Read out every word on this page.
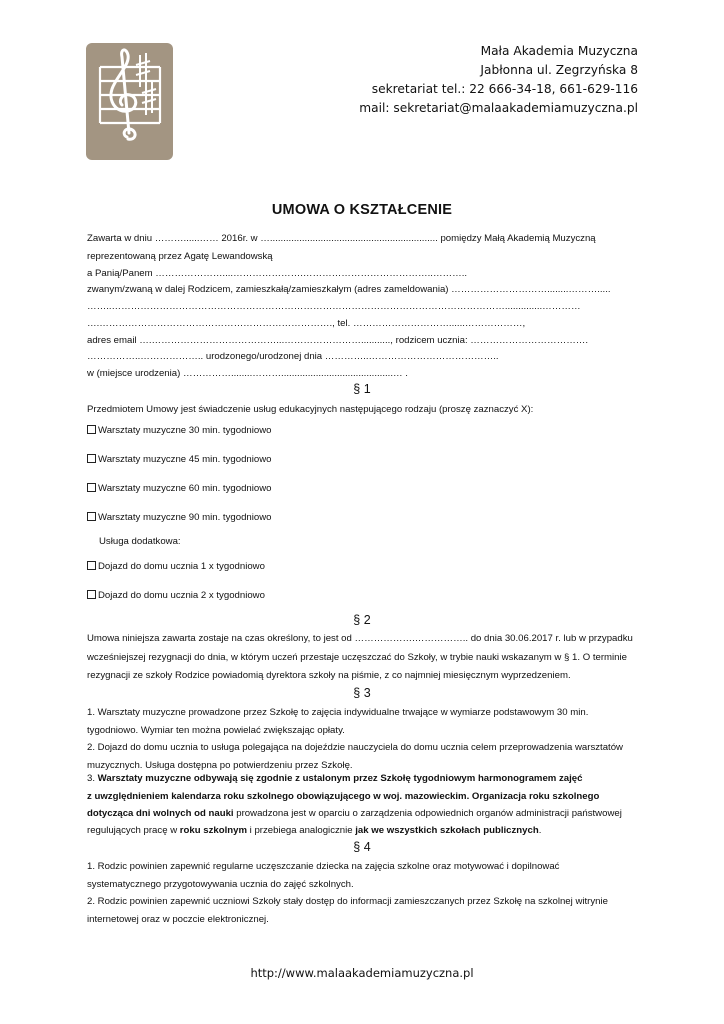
Mała Akademia Muzyczna
Jabłonna ul. Zegrzyńska 8
sekretariat tel.: 22 666-34-18, 661-629-116
mail: sekretariat@malaakademiamuzyczna.pl
UMOWA O KSZTAŁCENIE
Zawarta w dniu ………......…… 2016r. w …............................................................... pomiędzy Małą Akademią Muzyczną
reprezentowaną przez Agatę Lewandowską
a Panią/Panem …………………....………………….…………………………………..………..
zwanym/zwaną w dalej Rodzicem, zamieszkałą/zamieszkałym (adres zameldowania) …………………………........……….....
……..……………………………………………………………………………………………………………..............…………
….………………………………………………………………., tel. …………………………......………………,
adres email ….…………………………………...……………………..........., rodzicem ucznia: ……………………………….
……………..……………….. urodzonego/urodzonej dnia …………..…………………………………..
w (miejsce urodzenia) ……………........………..........................................… .
§ 1
Przedmiotem Umowy jest świadczenie usług edukacyjnych następującego rodzaju (proszę zaznaczyć X):
Warsztaty muzyczne 30 min. tygodniowo
Warsztaty muzyczne 45 min. tygodniowo
Warsztaty muzyczne 60 min. tygodniowo
Warsztaty muzyczne 90 min. tygodniowo
Usługa dodatkowa:
Dojazd do domu ucznia 1 x tygodniowo
Dojazd do domu ucznia 2 x tygodniowo
§ 2
Umowa niniejsza zawarta zostaje na czas określony, to jest od ……………….…………….. do dnia 30.06.2017 r. lub w przypadku
wcześniejszej rezygnacji do dnia, w którym uczeń przestaje uczęszczać do Szkoły, w trybie nauki wskazanym w § 1. O terminie
rezygnacji ze szkoły Rodzice powiadomią dyrektora szkoły na piśmie, z co najmniej miesięcznym wyprzedzeniem.
§ 3
1. Warsztaty muzyczne prowadzone przez Szkołę to zajęcia indywidualne trwające w wymiarze podstawowym 30 min.
tygodniowo. Wymiar ten można powielać zwiększając opłaty.
2. Dojazd do domu ucznia to usługa polegająca na dojeździe nauczyciela do domu ucznia celem przeprowadzenia warsztatów
muzycznych. Usługa dostępna po potwierdzeniu przez Szkołę.
3. Warsztaty muzyczne odbywają się zgodnie z ustalonym przez Szkołę tygodniowym harmonogramem zajęć
z uwzględnieniem kalendarza roku szkolnego obowiązującego w woj. mazowieckim. Organizacja roku szkolnego
dotycząca dni wolnych od nauki prowadzona jest w oparciu o zarządzenia odpowiednich organów administracji państwowej
regulujących pracę w roku szkolnym i przebiega analogicznie jak we wszystkich szkołach publicznych.
§ 4
1. Rodzic powinien zapewnić regularne uczęszczanie dziecka na zajęcia szkolne oraz motywować i dopilnować
systematycznego przygotowywania ucznia do zajęć szkolnych.
2. Rodzic powinien zapewnić uczniowi Szkoły stały dostęp do informacji zamieszczanych przez Szkołę na szkolnej witrynie
internetowej oraz w poczcie elektronicznej.
http://www.malaakademiamuzyczna.pl
